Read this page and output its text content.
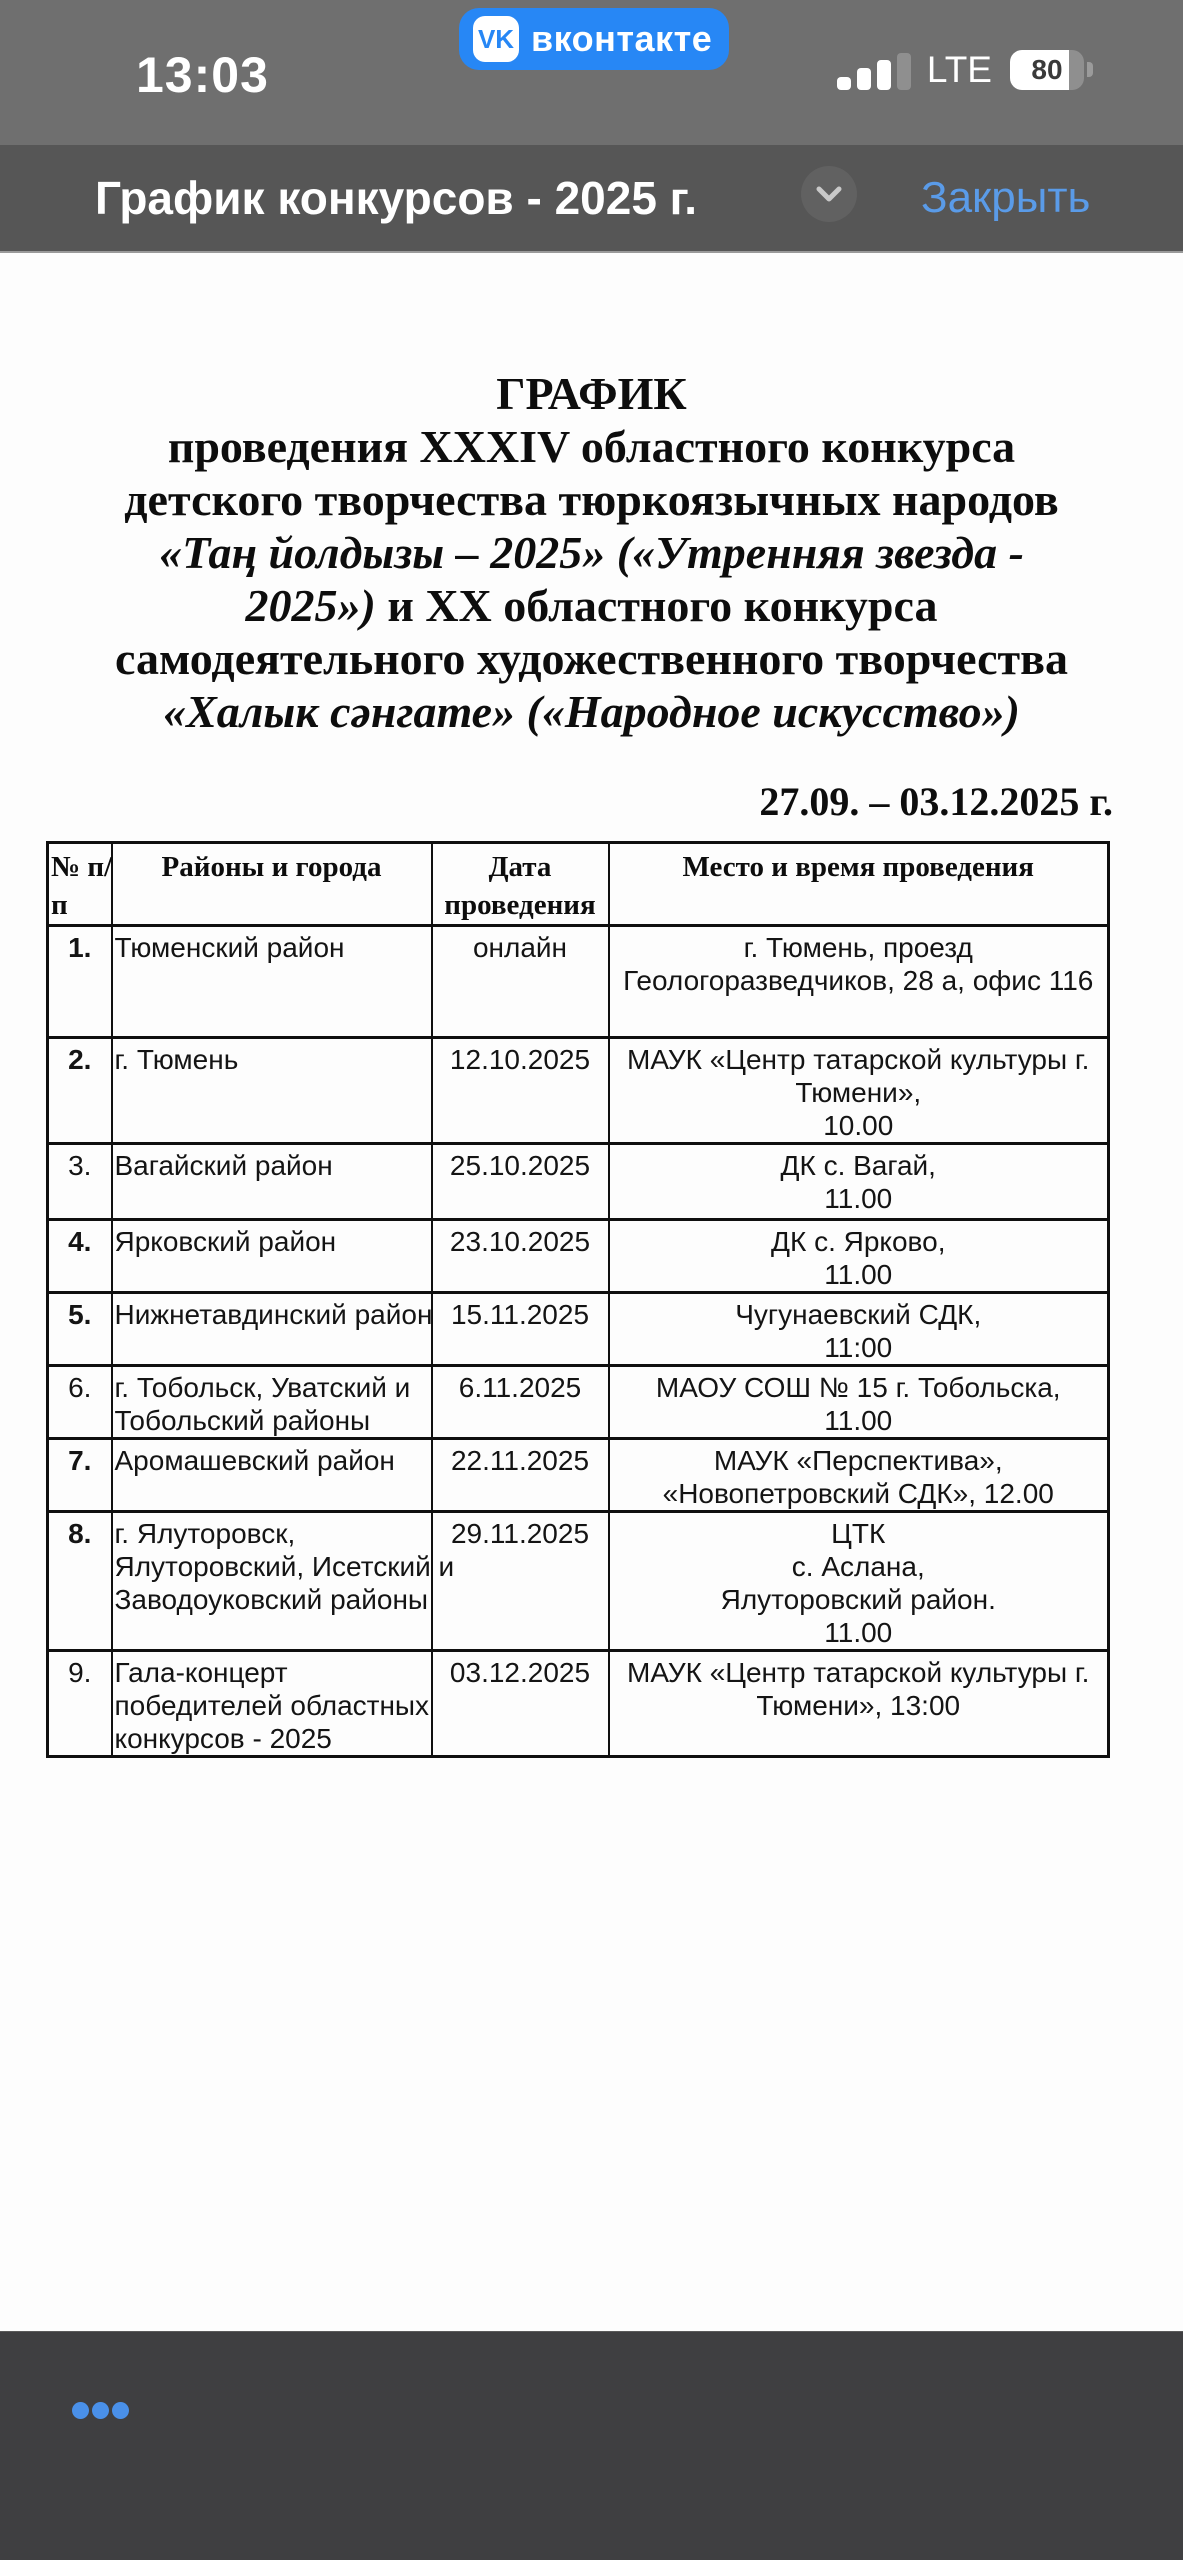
13:03
VK вконтакте
LTE 80
График конкурсов - 2025 г.	Закрыть
ГРАФИК
проведения XXXIV областного конкурса
детского творчества тюркоязычных народов
«Таң йолдызы – 2025» («Утренняя звезда -
2025») и ХХ областного конкурса
самодеятельного художественного творчества
«Халык сәнгате» («Народное искусство»)
27.09. – 03.12.2025 г.
№ п/
п
	Районы и города	Дата
проведения
	Место и время проведения
1.	Тюменский район	онлайн	г. Тюмень, проезд
Геологоразведчиков, 28 а, офис 116

2.	г. Тюмень	12.10.2025	МАУК «Центр татарской культуры г.
Тюмени»,
10.00

3.	Вагайский район	25.10.2025	ДК с. Вагай,
11.00

4.	Ярковский район	23.10.2025	ДК с. Ярково,
11.00

5.	Нижнетавдинский район	15.11.2025	Чугунаевский СДК,
11:00

6.	г. Тобольск, Уватский и
Тобольский районы
	6.11.2025	МАОУ СОШ № 15 г. Тобольска,
11.00

7.	Аромашевский район	22.11.2025	МАУК «Перспектива»,
«Новопетровский СДК», 12.00

8.	г. Ялуторовск,
Ялуторовский, Исетский и
Заводоуковский районы
	29.11.2025	ЦТК
с. Аслана,
Ялуторовский район.
11.00

9.	Гала-концерт
победителей областных
конкурсов - 2025
	03.12.2025	МАУК «Центр татарской культуры г.
Тюмени», 13:00
